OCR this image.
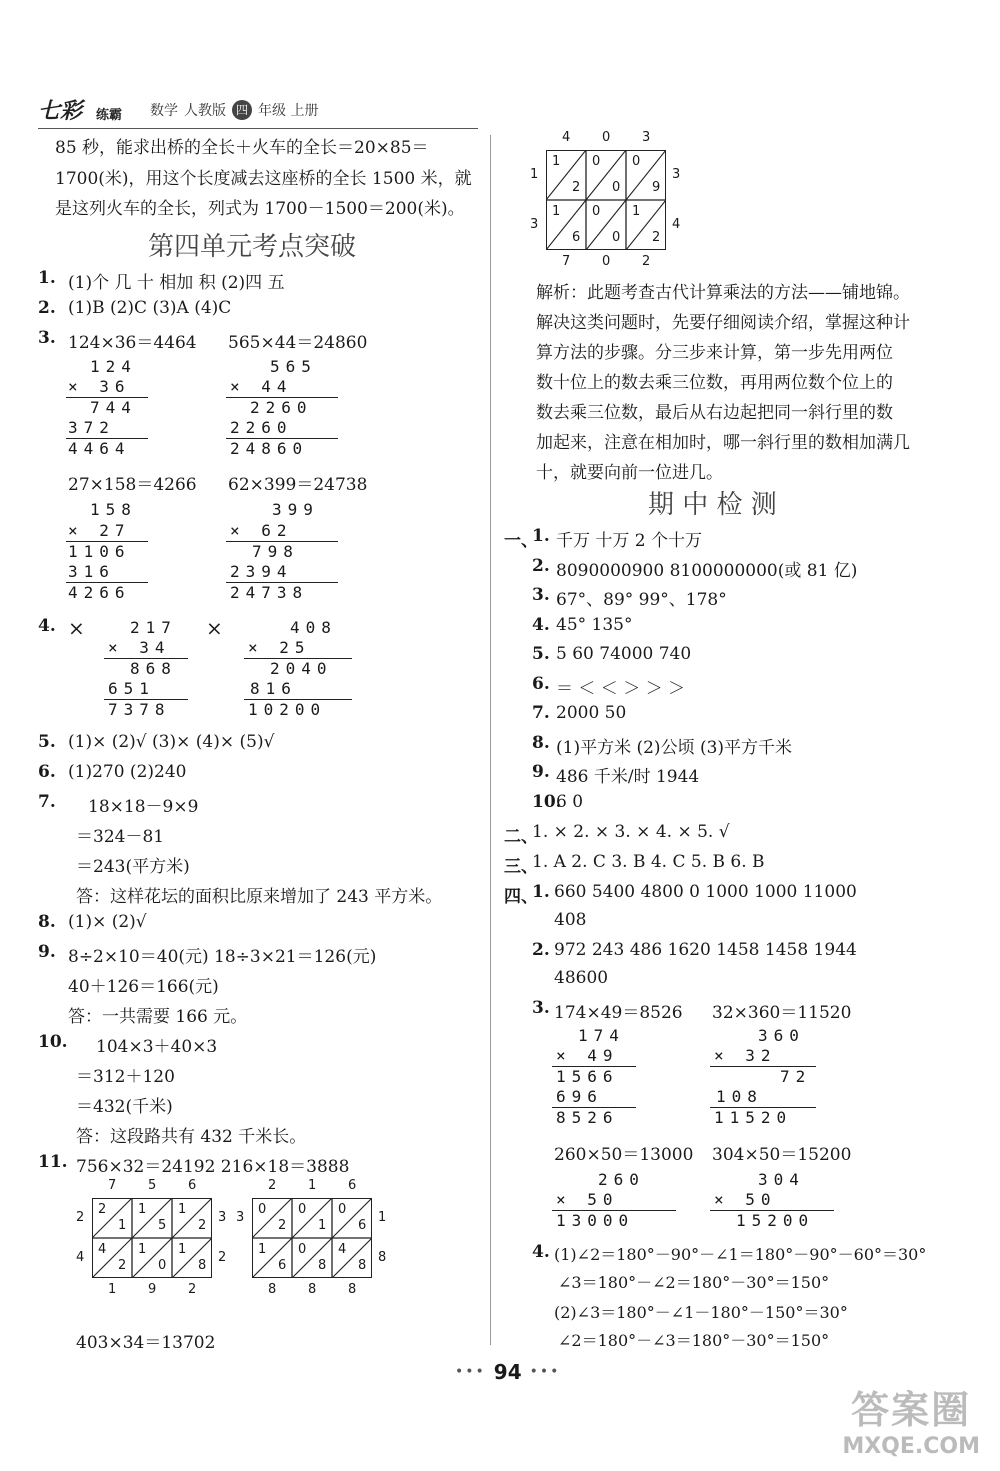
七彩 练霸 数学 人教版 四 年级 上册
85 秒，能求出桥的全长＋火车的全长＝20×85＝
1700(米)，用这个长度减去这座桥的全长 1500 米，就
是这列火车的全长，列式为 1700－1500＝200(米)。
第四单元考点突破
1. (1)个 几 十 相加 积 (2)四 五
2. (1)B (2)C (3)A (4)C
3. 124×36＝4464 565×44＝24860
124
× 36
744
372
4464
565
× 44
2260
2260
24860
27×158＝4266 62×399＝24738
158
× 27
1106
316
4266
399
× 62
798
2394
24738
4. ×	×
217
× 34
868
651
7378
408
× 25
2040
816
10200
5. (1)× (2)√ (3)× (4)× (5)√
6. (1)270 (2)240
7. 18×18－9×9
＝324－81
＝243(平方米)
答：这样花坛的面积比原来增加了 243 平方米。
8. (1)× (2)√
9. 8÷2×10＝40(元) 18÷3×21＝126(元)
40＋126＝166(元)
答：一共需要 166 元。
10. 104×3＋40×3
＝312＋120
＝432(千米)
答：这段路共有 432 千米长。
11. 756×32＝24192 216×18＝3888
2
1
1
5
1
2
4
2
1
0
1
8
7 5 6
1 9 2
2
4
3
2
0
2
0
1
0
6
1
6
0
8
4
8
2 1 6
8 8 8
3	1
8
403×34＝13702
1
2
0
0
0
9
1
6
0
0
1
2
4 0 3
7 0 2
1
3
3
4
解析：此题考查古代计算乘法的方法——铺地锦。
解决这类问题时，先要仔细阅读介绍，掌握这种计
算方法的步骤。分三步来计算，第一步先用两位
数十位上的数去乘三位数，再用两位数个位上的
数去乘三位数，最后从右边起把同一斜行里的数
加起来，注意在相加时，哪一斜行里的数相加满几
十，就要向前一位进几。
期 中 检 测
一、
1. 千万 十万 2 个十万
2. 8090000900 8100000000(或 81 亿)
3. 67°、89° 99°、178°
4. 45° 135°
5. 5 60 74000 740
6. ＝ ＜ ＜ ＞ ＞ ＞
7. 2000 50
8. (1)平方米 (2)公顷 (3)平方千米
9. 486 千米/时 1944
10.
6 0
二、
1. × 2. × 3. × 4. × 5. √
三、
1. A 2. C 3. B 4. C 5. B 6. B
四、
1. 660 5400 4800 0 1000 1000 11000
408
2. 972 243 486 1620 1458 1458 1944
48600
3. 174×49＝8526 32×360＝11520
174
× 49
1566
696
8526
360
× 32
72
108
11520
260×50＝13000 304×50＝15200
260
× 50
13000
304
× 50
15200
4. (1)∠2＝180°－90°－∠1＝180°－90°－60°＝30°
∠3＝180°－∠2＝180°－30°＝150°
(2)∠3＝180°－∠1－180°－150°＝30°
∠2＝180°－∠3＝180°－30°＝150°
••• 94 •••
答案圈
MXQE.COM
